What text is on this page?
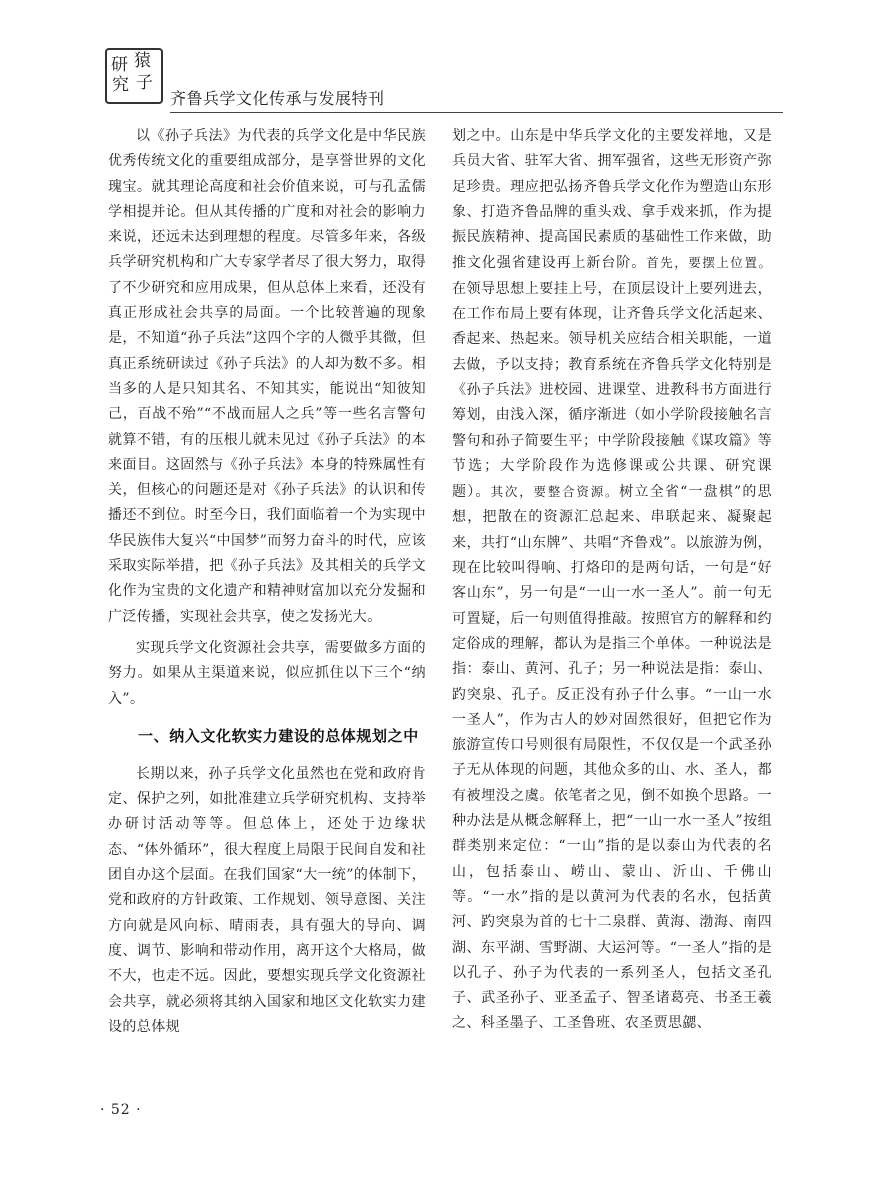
研 猿
究 子
齐鲁兵学文化传承与发展特刊

以《孙子兵法》为代表的兵学文化是中华民族优秀传统文化的重要组成部分，是享誉世界的文化瑰宝。就其理论高度和社会价值来说，可与孔孟儒学相提并论。但从其传播的广度和对社会的影响力来说，还远未达到理想的程度。尽管多年来，各级兵学研究机构和广大专家学者尽了很大努力，取得了不少研究和应用成果，但从总体上来看，还没有真正形成社会共享的局面。一个比较普遍的现象是，不知道“孙子兵法”这四个字的人微乎其微，但真正系统研读过《孙子兵法》的人却为数不多。相当多的人是只知其名、不知其实，能说出“知彼知己，百战不殆”“不战而屈人之兵”等一些名言警句就算不错，有的压根儿就未见过《孙子兵法》的本来面目。这固然与《孙子兵法》本身的特殊属性有关，但核心的问题还是对《孙子兵法》的认识和传播还不到位。时至今日，我们面临着一个为实现中华民族伟大复兴“中国梦”而努力奋斗的时代，应该采取实际举措，把《孙子兵法》及其相关的兵学文化作为宝贵的文化遗产和精神财富加以充分发掘和广泛传播，实现社会共享，使之发扬光大。

实现兵学文化资源社会共享，需要做多方面的努力。如果从主渠道来说，似应抓住以下三个“纳入”。

一、纳入文化软实力建设的总体规划之中

长期以来，孙子兵学文化虽然也在党和政府肯定、保护之列，如批准建立兵学研究机构、支持举办研讨活动等等。但总体上，还处于边缘状态、“体外循环”，很大程度上局限于民间自发和社团自办这个层面。在我们国家“大一统”的体制下，党和政府的方针政策、工作规划、领导意图、关注方向就是风向标、晴雨表，具有强大的导向、调度、调节、影响和带动作用，离开这个大格局，做不大，也走不远。因此，要想实现兵学文化资源社会共享，就必须将其纳入国家和地区文化软实力建设的总体规

划之中。山东是中华兵学文化的主要发祥地，又是兵员大省、驻军大省、拥军强省，这些无形资产弥足珍贵。理应把弘扬齐鲁兵学文化作为塑造山东形象、打造齐鲁品牌的重头戏、拿手戏来抓，作为提振民族精神、提高国民素质的基础性工作来做，助推文化强省建设再上新台阶。首先，要摆上位置。在领导思想上要挂上号，在顶层设计上要列进去，在工作布局上要有体现，让齐鲁兵学文化活起来、香起来、热起来。领导机关应结合相关职能，一道去做，予以支持；教育系统在齐鲁兵学文化特别是《孙子兵法》进校园、进课堂、进教科书方面进行筹划，由浅入深，循序渐进（如小学阶段接触名言警句和孙子简要生平；中学阶段接触《谋攻篇》等节选；大学阶段作为选修课或公共课、研究课题）。其次，要整合资源。树立全省“一盘棋”的思想，把散在的资源汇总起来、串联起来、凝聚起来，共打“山东牌”、共唱“齐鲁戏”。以旅游为例，现在比较叫得响、打烙印的是两句话，一句是“好客山东”，另一句是“一山一水一圣人”。前一句无可置疑，后一句则值得推敲。按照官方的解释和约定俗成的理解，都认为是指三个单体。一种说法是指：泰山、黄河、孔子；另一种说法是指：泰山、趵突泉、孔子。反正没有孙子什么事。“一山一水一圣人”，作为古人的妙对固然很好，但把它作为旅游宣传口号则很有局限性，不仅仅是一个武圣孙子无从体现的问题，其他众多的山、水、圣人，都有被埋没之虞。依笔者之见，倒不如换个思路。一种办法是从概念解释上，把“一山一水一圣人”按组群类别来定位：“一山”指的是以泰山为代表的名山，包括泰山、崂山、蒙山、沂山、千佛山等。“一水”指的是以黄河为代表的名水，包括黄河、趵突泉为首的七十二泉群、黄海、渤海、南四湖、东平湖、雪野湖、大运河等。“一圣人”指的是以孔子、孙子为代表的一系列圣人，包括文圣孔子、武圣孙子、亚圣孟子、智圣诸葛亮、书圣王羲之、科圣墨子、工圣鲁班、农圣贾思勰、

· 52 ·
